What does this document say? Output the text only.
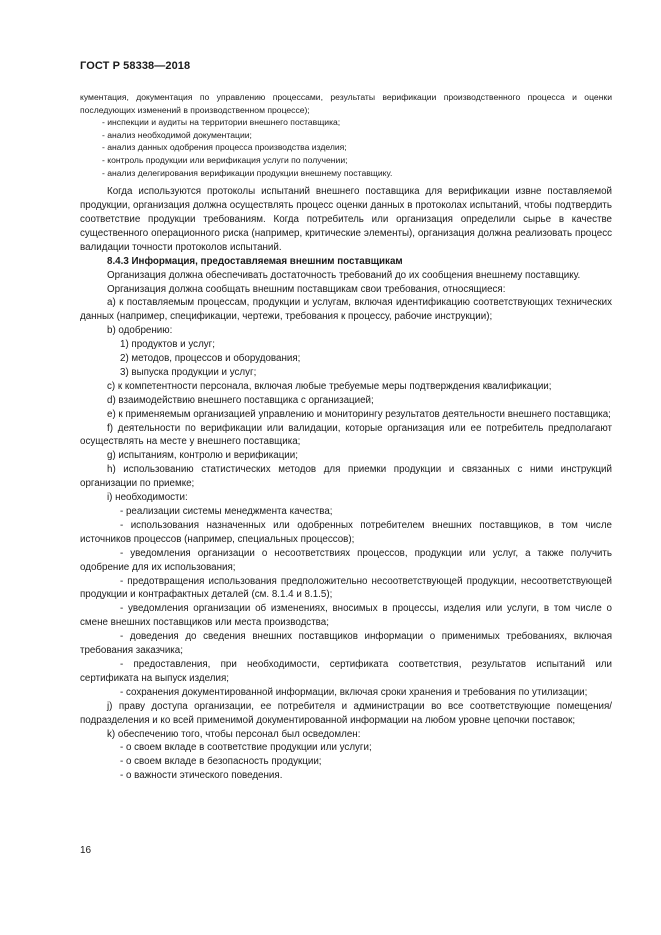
ГОСТ Р 58338—2018

кументация, документация по управлению процессами, результаты верификации производственного процесса и оценки последующих изменений в производственном процессе);

- инспекции и аудиты на территории внешнего поставщика;

- анализ необходимой документации;

- анализ данных одобрения процесса производства изделия;

- контроль продукции или верификация услуги по получении;

- анализ делегирования верификации продукции внешнему поставщику.

Когда используются протоколы испытаний внешнего поставщика для верификации извне поставляемой продукции, организация должна осуществлять процесс оценки данных в протоколах испытаний, чтобы подтвердить соответствие продукции требованиям. Когда потребитель или организация определили сырье в качестве существенного операционного риска (например, критические элементы), организация должна реализовать процесс валидации точности протоколов испытаний.

8.4.3 Информация, предоставляемая внешним поставщикам

Организация должна обеспечивать достаточность требований до их сообщения внешнему поставщику.

Организация должна сообщать внешним поставщикам свои требования, относящиеся:

а) к поставляемым процессам, продукции и услугам, включая идентификацию соответствующих технических данных (например, спецификации, чертежи, требования к процессу, рабочие инструкции);

b) одобрению:

1) продуктов и услуг;

2) методов, процессов и оборудования;

3) выпуска продукции и услуг;

c) к компетентности персонала, включая любые требуемые меры подтверждения квалификации;

d) взаимодействию внешнего поставщика с организацией;

e) к применяемым организацией управлению и мониторингу результатов деятельности внешнего поставщика;

f) деятельности по верификации или валидации, которые организация или ее потребитель предполагают осуществлять на месте у внешнего поставщика;

g) испытаниям, контролю и верификации;

h) использованию статистических методов для приемки продукции и связанных с ними инструкций организации по приемке;

i) необходимости:

- реализации системы менеджмента качества;

- использования назначенных или одобренных потребителем внешних поставщиков, в том числе источников процессов (например, специальных процессов);

- уведомления организации о несоответствиях процессов, продукции или услуг, а также получить одобрение для их использования;

- предотвращения использования предположительно несоответствующей продукции, несоответствующей продукции и контрафактных деталей (см. 8.1.4 и 8.1.5);

- уведомления организации об изменениях, вносимых в процессы, изделия или услуги, в том числе о смене внешних поставщиков или места производства;

- доведения до сведения внешних поставщиков информации о применимых требованиях, включая требования заказчика;

- предоставления, при необходимости, сертификата соответствия, результатов испытаний или сертификата на выпуск изделия;

- сохранения документированной информации, включая сроки хранения и требования по утилизации;

j) праву доступа организации, ее потребителя и администрации во все соответствующие помещения/подразделения и ко всей применимой документированной информации на любом уровне цепочки поставок;

k) обеспечению того, чтобы персонал был осведомлен:

- о своем вкладе в соответствие продукции или услуги;

- о своем вкладе в безопасность продукции;

- о важности этического поведения.

16
